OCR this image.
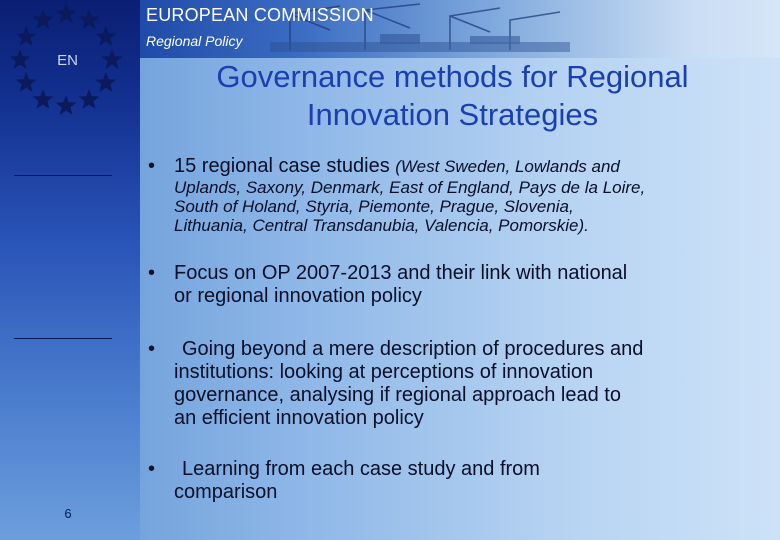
EN
6
EUROPEAN COMMISSION
Regional Policy
Governance methods for Regional
Innovation Strategies
• 15 regional case studies (West Sweden, Lowlands and
Uplands, Saxony, Denmark, East of England, Pays de la Loire,
South of Holand, Styria, Piemonte, Prague, Slovenia,
Lithuania, Central Transdanubia, Valencia, Pomorskie).
• Focus on OP 2007-2013 and their link with national
or regional innovation policy
•	Going beyond a mere description of procedures and
institutions: looking at perceptions of innovation
governance, analysing if regional approach lead to
an efficient innovation policy
•	Learning from each case study and from
comparison
